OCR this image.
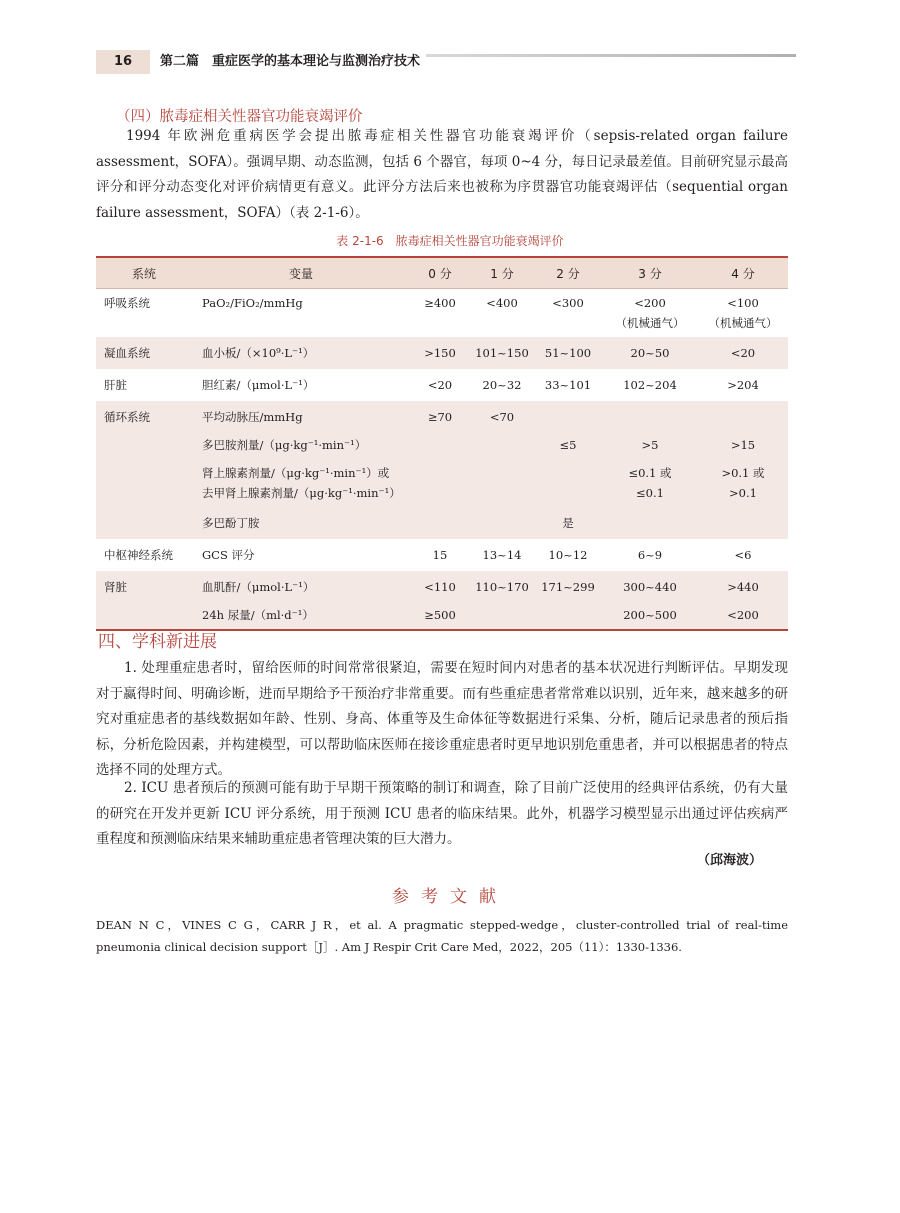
16	第二篇　重症医学的基本理论与监测治疗技术
（四）脓毒症相关性器官功能衰竭评价
1994 年欧洲危重病医学会提出脓毒症相关性器官功能衰竭评价（sepsis-related organ failure assessment，SOFA）。强调早期、动态监测，包括 6 个器官，每项 0~4 分，每日记录最差值。目前研究显示最高评分和评分动态变化对评价病情更有意义。此评分方法后来也被称为序贯器官功能衰竭评估（sequential organ failure assessment，SOFA）（表 2-1-6）。
表 2-1-6　脓毒症相关性器官功能衰竭评价
系统	变量	0 分	1 分	2 分	3 分	4 分
呼吸系统	PaO₂/FiO₂/mmHg	≥400	<400	<300	<200	<100
					（机械通气）	（机械通气）
凝血系统	血小板/（×10⁹·L⁻¹）	>150	101~150	51~100	20~50	<20
肝脏	胆红素/（μmol·L⁻¹）	<20	20~32	33~101	102~204	>204
循环系统	平均动脉压/mmHg	≥70	<70			
	多巴胺剂量/（μg·kg⁻¹·min⁻¹）			≤5	>5	>15
	肾上腺素剂量/（μg·kg⁻¹·min⁻¹）或				≤0.1 或	>0.1 或
	去甲肾上腺素剂量/（μg·kg⁻¹·min⁻¹）				≤0.1	>0.1
	多巴酚丁胺			是		
中枢神经系统	GCS 评分	15	13~14	10~12	6~9	<6
肾脏	血肌酐/（μmol·L⁻¹）	<110	110~170	171~299	300~440	>440
	24h 尿量/（ml·d⁻¹）	≥500			200~500	<200
四、学科新进展
1. 处理重症患者时，留给医师的时间常常很紧迫，需要在短时间内对患者的基本状况进行判断评估。早期发现对于赢得时间、明确诊断，进而早期给予干预治疗非常重要。而有些重症患者常常难以识别，近年来，越来越多的研究对重症患者的基线数据如年龄、性别、身高、体重等及生命体征等数据进行采集、分析，随后记录患者的预后指标，分析危险因素，并构建模型，可以帮助临床医师在接诊重症患者时更早地识别危重患者，并可以根据患者的特点选择不同的处理方式。
2. ICU 患者预后的预测可能有助于早期干预策略的制订和调查，除了目前广泛使用的经典评估系统，仍有大量的研究在开发并更新 ICU 评分系统，用于预测 ICU 患者的临床结果。此外，机器学习模型显示出通过评估疾病严重程度和预测临床结果来辅助重症患者管理决策的巨大潜力。
（邱海波）
参考文献
DEAN N C，VINES C G，CARR J R，et al. A pragmatic stepped-wedge，cluster-controlled trial of real-time pneumonia clinical decision support［J］. Am J Respir Crit Care Med，2022，205（11）：1330-1336.
